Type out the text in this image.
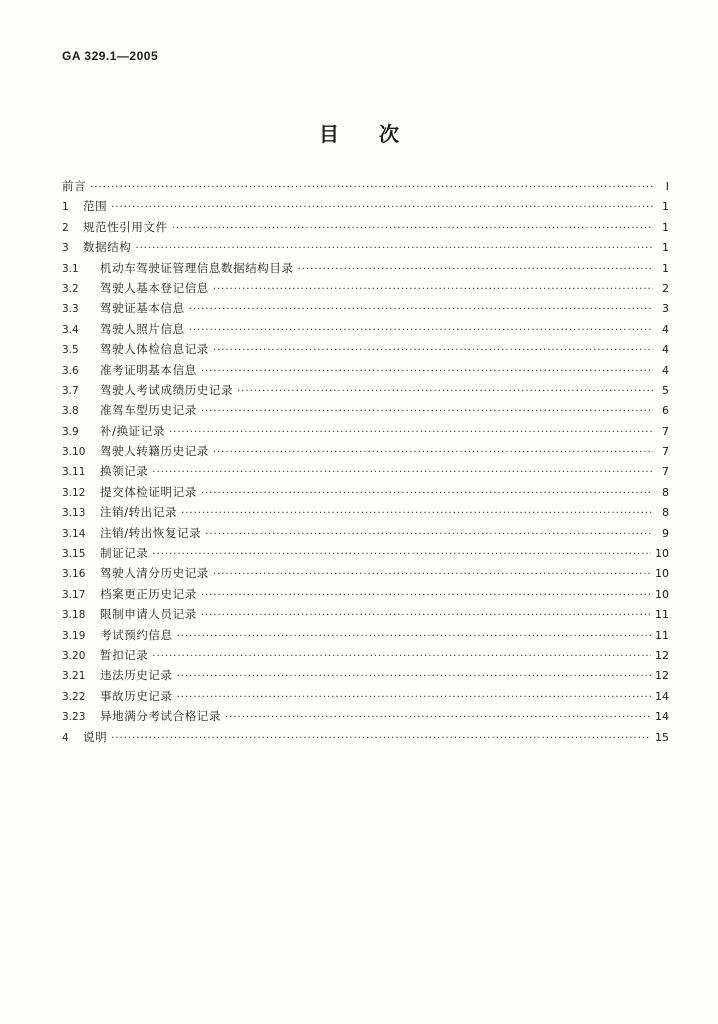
GA 329.1—2005
目 次
前言 ·····	I
1	范围 ·····	1
2	规范性引用文件 ·····	1
3	数据结构 ·····	1
3.1	机动车驾驶证管理信息数据结构目录 ·····	1
3.2	驾驶人基本登记信息 ·····	2
3.3	驾驶证基本信息 ·····	3
3.4	驾驶人照片信息 ·····	4
3.5	驾驶人体检信息记录 ·····	4
3.6	准考证明基本信息 ·····	4
3.7	驾驶人考试成绩历史记录 ·····	5
3.8	准驾车型历史记录 ·····	6
3.9	补/换证记录 ·····	7
3.10	驾驶人转籍历史记录 ·····	7
3.11	换领记录 ·····	7
3.12	提交体检证明记录 ·····	8
3.13	注销/转出记录 ·····	8
3.14	注销/转出恢复记录 ·····	9
3.15	制证记录 ·····	10
3.16	驾驶人清分历史记录 ·····	10
3.17	档案更正历史记录 ·····	10
3.18	限制申请人员记录 ·····	11
3.19	考试预约信息 ·····	11
3.20	暂扣记录 ·····	12
3.21	违法历史记录 ·····	12
3.22	事故历史记录 ·····	14
3.23	异地满分考试合格记录 ·····	14
4	说明 ·····	15
